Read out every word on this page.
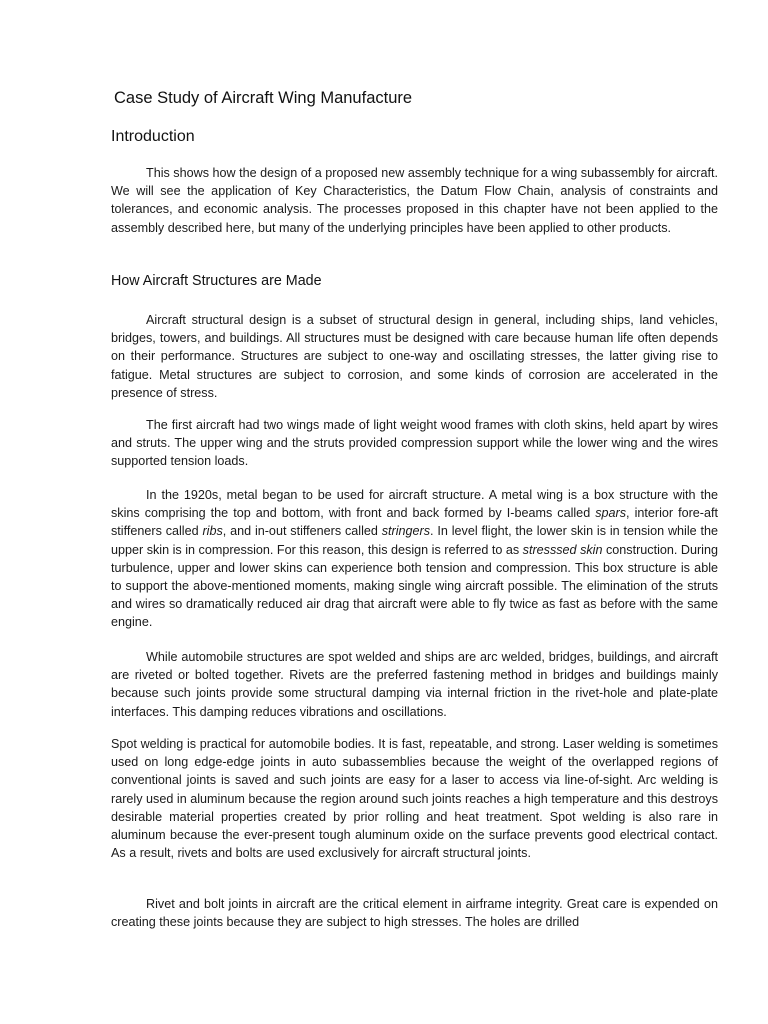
Case Study of Aircraft Wing Manufacture
Introduction

This shows how the design of a proposed new assembly technique for a wing subassembly for aircraft. We will see the application of Key Characteristics, the Datum Flow Chain, analysis of constraints and tolerances, and economic analysis. The processes proposed in this chapter have not been applied to the assembly described here, but many of the underlying principles have been applied to other products.

How Aircraft Structures are Made

Aircraft structural design is a subset of structural design in general, including ships, land vehicles, bridges, towers, and buildings. All structures must be designed with care because human life often depends on their performance. Structures are subject to one-way and oscillating stresses, the latter giving rise to fatigue. Metal structures are subject to corrosion, and some kinds of corrosion are accelerated in the presence of stress.

The first aircraft had two wings made of light weight wood frames with cloth skins, held apart by wires and struts. The upper wing and the struts provided compression support while the lower wing and the wires supported tension loads.

In the 1920s, metal began to be used for aircraft structure. A metal wing is a box structure with the skins comprising the top and bottom, with front and back formed by I-beams called spars, interior fore-aft stiffeners called ribs, and in-out stiffeners called stringers. In level flight, the lower skin is in tension while the upper skin is in compression. For this reason, this design is referred to as stresssed skin construction. During turbulence, upper and lower skins can experience both tension and compression. This box structure is able to support the above-mentioned moments, making single wing aircraft possible. The elimination of the struts and wires so dramatically reduced air drag that aircraft were able to fly twice as fast as before with the same engine.

While automobile structures are spot welded and ships are arc welded, bridges, buildings, and aircraft are riveted or bolted together. Rivets are the preferred fastening method in bridges and buildings mainly because such joints provide some structural damping via internal friction in the rivet-hole and plate-plate interfaces. This damping reduces vibrations and oscillations.

Spot welding is practical for automobile bodies. It is fast, repeatable, and strong. Laser welding is sometimes used on long edge-edge joints in auto subassemblies because the weight of the overlapped regions of conventional joints is saved and such joints are easy for a laser to access via line-of-sight. Arc welding is rarely used in aluminum because the region around such joints reaches a high temperature and this destroys desirable material properties created by prior rolling and heat treatment. Spot welding is also rare in aluminum because the ever-present tough aluminum oxide on the surface prevents good electrical contact. As a result, rivets and bolts are used exclusively for aircraft structural joints.

Rivet and bolt joints in aircraft are the critical element in airframe integrity. Great care is expended on creating these joints because they are subject to high stresses. The holes are drilled
